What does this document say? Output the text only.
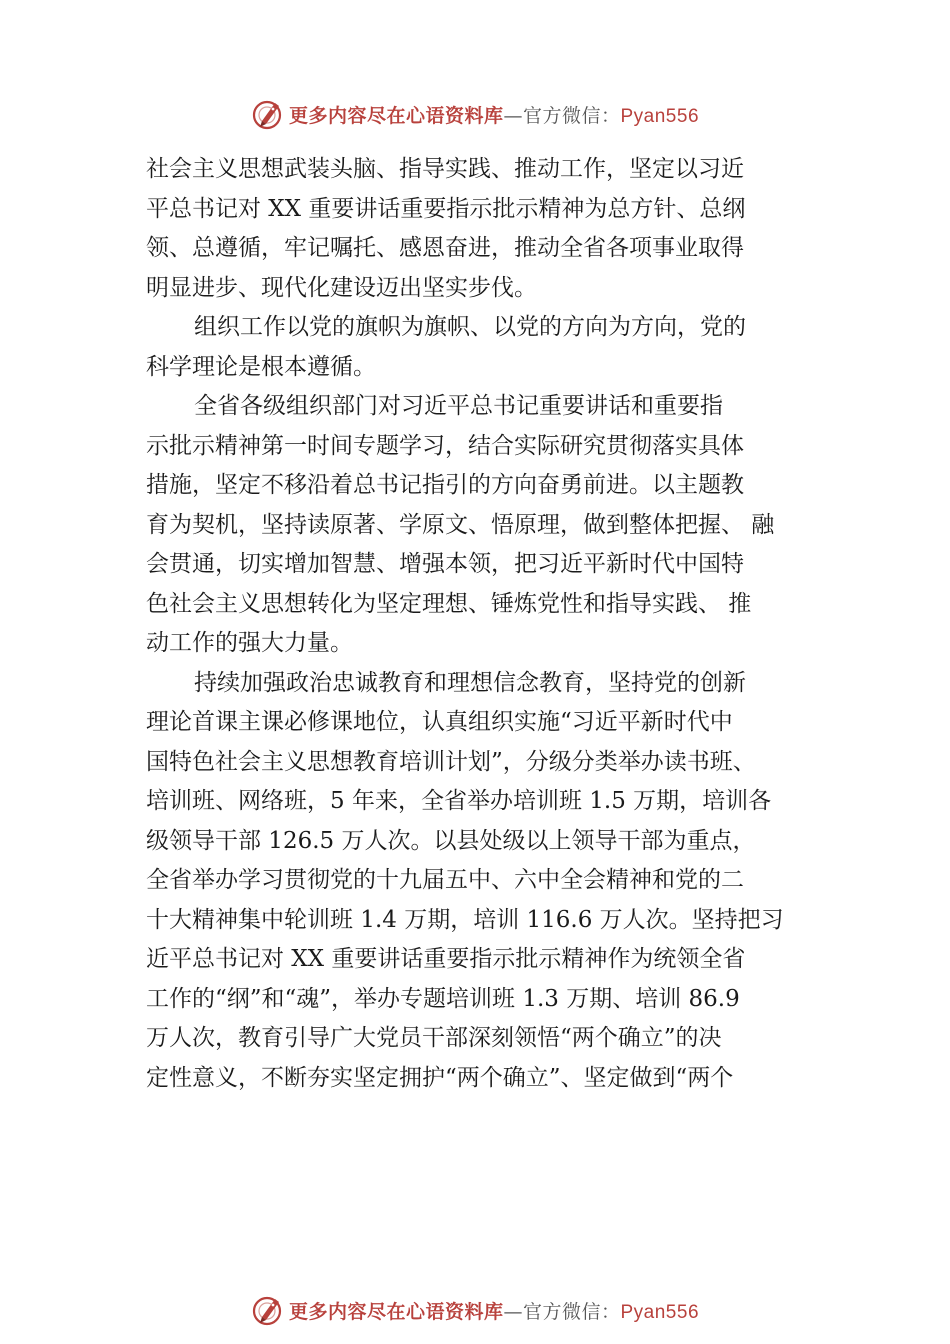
更多内容尽在心语资料库—官方微信：Pyan556
社会主义思想武装头脑、指导实践、推动工作，坚定以习近
平总书记对 XX 重要讲话重要指示批示精神为总方针、总纲
领、总遵循，牢记嘱托、感恩奋进，推动全省各项事业取得
明显进步、现代化建设迈出坚实步伐。
组织工作以党的旗帜为旗帜、以党的方向为方向，党的
科学理论是根本遵循。
全省各级组织部门对习近平总书记重要讲话和重要指
示批示精神第一时间专题学习，结合实际研究贯彻落实具体
措施，坚定不移沿着总书记指引的方向奋勇前进。以主题教
育为契机，坚持读原著、学原文、悟原理，做到整体把握、 融
会贯通，切实增加智慧、增强本领，把习近平新时代中国特
色社会主义思想转化为坚定理想、锤炼党性和指导实践、 推
动工作的强大力量。
持续加强政治忠诚教育和理想信念教育，坚持党的创新
理论首课主课必修课地位，认真组织实施“习近平新时代中
国特色社会主义思想教育培训计划”，分级分类举办读书班、
培训班、网络班，5 年来，全省举办培训班 1.5 万期，培训各
级领导干部 126.5 万人次。以县处级以上领导干部为重点，
全省举办学习贯彻党的十九届五中、六中全会精神和党的二
十大精神集中轮训班 1.4 万期，培训 116.6 万人次。坚持把习
近平总书记对 XX 重要讲话重要指示批示精神作为统领全省
工作的“纲”和“魂”，举办专题培训班 1.3 万期、培训 86.9
万人次，教育引导广大党员干部深刻领悟“两个确立”的决
定性意义，不断夯实坚定拥护“两个确立”、坚定做到“两个
更多内容尽在心语资料库—官方微信：Pyan556
